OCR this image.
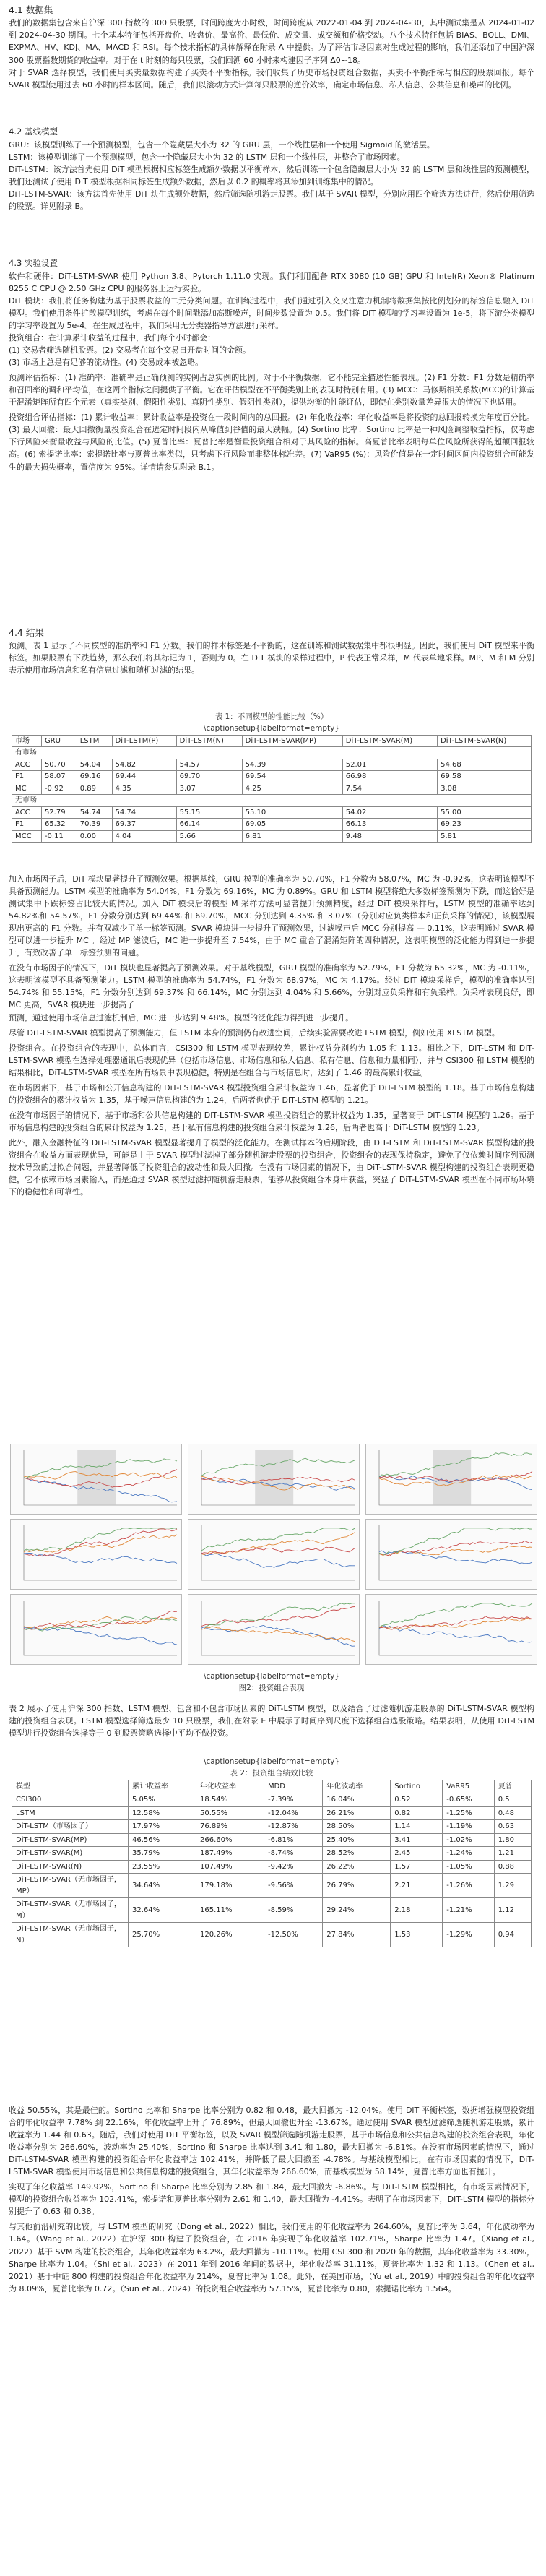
4.1 数据集

我们的数据集包含来自沪深 300 指数的 300 只股票，时间跨度为小时级，时间跨度从 2022-01-04 到 2024-04-30，其中测试集是从 2024-01-02 到 2024-04-30 期间。七个基本特征包括开盘价、收盘价、最高价、最低价、成交量、成交额和价格变动。八个技术特征包括 BIAS、BOLL、DMI、EXPMA、HV、KDJ、MA、MACD 和 RSI。每个技术指标的具体解释在附录 A 中提供。为了评估市场因素对生成过程的影响，我们还添加了中国沪深 300 股票指数期货的收益率。对于在 t 时刻的每只股票，我们回溯 60 小时来构建因子序列 Δ0~18。

对于 SVAR 选择模型，我们使用买卖量数据构建了买卖不平衡指标。我们收集了历史市场投资组合数据，买卖不平衡指标与相应的股票回报。每个 SVAR 模型使用过去 60 小时的样本区间。随后，我们以滚动方式计算每只股票的逆价效率，确定市场信息、私人信息、公共信息和噪声的比例。

4.2 基线模型

GRU：该模型训练了一个预测模型，包含一个隐藏层大小为 32 的 GRU 层，一个线性层和一个使用 Sigmoid 的激活层。

LSTM：该模型训练了一个预测模型，包含一个隐藏层大小为 32 的 LSTM 层和一个线性层，并整合了市场因素。

DiT-LSTM：该方法首先使用 DiT 模型根据相应标签生成额外数据以平衡样本，然后训练一个包含隐藏层大小为 32 的 LSTM 层和线性层的预测模型，我们还测试了使用 DiT 模型根据相同标签生成额外数据，然后以 0.2 的概率将其添加到训练集中的情况。

DiT-LSTM-SVAR：该方法首先使用 DiT 块生成额外数据，然后筛选随机游走股票。我们基于 SVAR 模型，分别应用四个筛选方法进行，然后使用筛选的股票。详见附录 B。

4.3 实验设置

软件和硬件：DiT-LSTM-SVAR 使用 Python 3.8、Pytorch 1.11.0 实现。我们利用配备 RTX 3080 (10 GB) GPU 和 Intel(R) Xeon® Platinum 8255 C CPU @ 2.50 GHz CPU 的服务器上运行实验。

DiT 模块：我们将任务构建为基于股票收益的二元分类问题。在训练过程中，我们通过引入交叉注意力机制将数据集按比例划分的标签信息融入 DiT 模型。我们使用条件扩散模型训练，考虑在每个时间戳添加高斯噪声，时间步数设置为 0.5。我们将 DiT 模型的学习率设置为 1e-5，将下游分类模型的学习率设置为 5e-4。在生成过程中，我们采用无分类器指导方法进行采样。

投资组合：在计算累计收益的过程中，我们每个小时都会：

(1) 交易者筛选随机股票。(2) 交易者在每个交易日开盘时间的金额。

(3) 市场上总是有足够的流动性。(4) 交易成本被忽略。

预测评估指标：(1) 准确率：准确率是正确预测的实例占总实例的比例。对于不平衡数据，它不能完全描述性能表现。(2) F1 分数：F1 分数是精确率和召回率的调和平均值，在这两个指标之间提供了平衡。它在评估模型在不平衡类别上的表现时特别有用。(3) MCC：马修斯相关系数(MCC)的计算基于混淆矩阵所有四个元素（真实类别、假阳性类别、真阴性类别、假阴性类别），提供均衡的性能评估，即使在类别数量差异很大的情况下也适用。

投资组合评估指标：(1) 累计收益率：累计收益率是投资在一段时间内的总回报。(2) 年化收益率：年化收益率是将投资的总回报转换为年度百分比。(3) 最大回撤：最大回撤衡量投资组合在选定时间段内从峰值到谷值的最大跌幅。(4) Sortino 比率：Sortino 比率是一种风险调整收益指标，仅考虑下行风险来衡量收益与风险的比值。(5) 夏普比率：夏普比率是衡量投资组合相对于其风险的指标。高夏普比率表明每单位风险所获得的超额回报较高。(6) 索提诺比率：索提诺比率与夏普比率类似，只考虑下行风险而非整体标准差。(7) VaR95 (%)：风险价值是在一定时间区间内投资组合可能发生的最大损失概率，置信度为 95%。详情请参见附录 B.1。

4.4 结果

预测。表 1 显示了不同模型的准确率和 F1 分数。我们的样本标签是不平衡的，这在训练和测试数据集中都很明显。因此，我们使用 DiT 模型来平衡标签。如果股票有下跌趋势，那么我们将其标记为 1，否则为 0。在 DiT 模块的采样过程中，P 代表正常采样，M 代表单地采样。MP、M 和 M 分别表示使用市场信息和私有信息过滤和随机过滤的结果。

表 1：不同模型的性能比较（%）
\captionsetup{labelformat=empty}
市场	GRU	LSTM	DiT-LSTM(P)	DiT-LSTM(N)	DiT-LSTM-SVAR(MP)	DiT-LSTM-SVAR(M)	DiT-LSTM-SVAR(N)
有市场							
ACC	50.70	54.04	54.82	54.57	54.39	52.01	54.68
F1	58.07	69.16	69.44	69.70	69.54	66.98	69.58
MC	-0.92	0.89	4.35	3.07	4.25	7.54	3.08
无市场							
ACC	52.79	54.74	54.74	55.15	55.10	54.02	55.00
F1	65.32	70.39	69.37	66.14	69.05	66.13	69.23
MCC	-0.11	0.00	4.04	5.66	6.81	9.48	5.81

加入市场因子后，DiT 模块显著提升了预测效果。根据基线，GRU 模型的准确率为 50.70%，F1 分数为 58.07%，MC 为 -0.92%，这表明该模型不具备预测能力。LSTM 模型的准确率为 54.04%，F1 分数为 69.16%，MC 为 0.89%。GRU 和 LSTM 模型将绝大多数标签预测为下跌，而这恰好是测试集中下跌标签占比较大的情况。加入 DiT 模块后的模型 M 采样方法可显著提升预测精度，经过 DiT 模块采样后，LSTM 模型的准确率达到 54.82%和 54.57%，F1 分数分别达到 69.44% 和 69.70%，MCC 分别达到 4.35% 和 3.07%（分别对应负类样本和正负采样的情况），该模型展现出更高的 F1 分数。并有双减少了单一标签预测。SVAR 模块进一步提升了预测效果，过滤噪声后 MCC 分别提高 — 0.11%，这表明通过 SVAR 模型可以进一步提升 MC 。经过 MP 滤波后，MC 进一步提升至 7.54%，由于 MC 重合了混淆矩阵的四种情况，这表明模型的泛化能力得到进一步提升，有效改善了单一标签预测的问题。

在没有市场因子的情况下，DiT 模块也显著提高了预测效果。对于基线模型，GRU 模型的准确率为 52.79%，F1 分数为 65.32%，MC 为 -0.11%，这表明该模型不具备预测能力。LSTM 模型的准确率为 54.74%，F1 分数为 68.97%，MC 为 4.17%。经过 DiT 模块采样后，模型的准确率达到 54.74% 和 55.15%，F1 分数分别达到 69.37% 和 66.14%，MC 分别达到 4.04% 和 5.66%，分别对应负采样和有负采样。负采样表现良好，即 MC 更高，SVAR 模块进一步提高了

预测，通过使用市场信息过滤机制后，MC 进一步达到 9.48%。模型的泛化能力得到进一步提升。

尽管 DiT-LSTM-SVAR 模型提高了预测能力，但 LSTM 本身的预测仍有改进空间，后续实验需要改进 LSTM 模型，例如使用 XLSTM 模型。

投资组合。在投资组合的表现中，总体而言，CSI300 和 LSTM 模型表现较差，累计权益分别约为 1.05 和 1.13。相比之下，DiT-LSTM 和 DiT-LSTM-SVAR 模型在选择处理器通讯后表现优异（包括市场信息、市场信息和私人信息、私有信息、信息和力量相同），并与 CSI300 和 LSTM 模型的结果相比，DiT-LSTM-SVAR 模型在所有场景中表现稳健，特别是在组合与市场信息时，达到了 1.46 的最高累计权益。

在市场因素下，基于市场和公开信息构建的 DiT-LSTM-SVAR 模型投资组合累计权益为 1.46，显著优于 DiT-LSTM 模型的 1.18。基于市场信息构建的投资组合的累计权益为 1.35，基于噪声信息构建的为 1.24，后两者也优于 DiT-LSTM 模型的 1.21。

在没有市场因子的情况下，基于市场和公共信息构建的 DiT-LSTM-SVAR 模型投资组合的累计权益为 1.35，显著高于 DiT-LSTM 模型的 1.26。基于市场信息构建的投资组合的累计权益为 1.25，基于私有信息构建的投资组合累计权益为 1.26，后两者也高于 DiT-LSTM 模型的 1.23。

此外，融入金融特征的 DiT-LSTM-SVAR 模型显著提升了模型的泛化能力。在测试样本的后期阶段，由 DiT-LSTM 和 DiT-LSTM-SVAR 模型构建的投资组合在收益方面表现优异，可能是由于 SVAR 模型过滤掉了部分随机游走股票的投资组合，投资组合的表现保持稳定，避免了仅依赖时间序列预测技术导致的过拟合问题，并显著降低了投资组合的波动性和最大回撤。在没有市场因素的情况下，由 DiT-LSTM-SVAR 模型构建的投资组合表现更稳健，它不依赖市场因素输入，而是通过 SVAR 模型过滤掉随机游走股票，能够从投资组合本身中获益，突显了 DiT-LSTM-SVAR 模型在不同市场环境下的稳健性和可靠性。

\captionsetup{labelformat=empty}
图2：投资组合表现

表 2 展示了使用沪深 300 指数、LSTM 模型、包含和不包含市场因素的 DiT-LSTM 模型，以及结合了过滤随机游走股票的 DiT-LSTM-SVAR 模型构建的投资组合表现。LSTM 模型选择筛选最少 10 只股票，我们在附录 E 中展示了时间序列尺度下选择组合选股策略。结果表明，从使用 DiT-LSTM 模型进行投资组合选择等于 0 到股票策略选择中平均不做投资。

\captionsetup{labelformat=empty}
表 2：投资组合绩效比较
模型	累计收益率	年化收益率	MDD	年化波动率	Sortino	VaR95	夏普
CSI300	5.05%	18.54%	-7.39%	16.04%	0.52	-0.65%	0.5
LSTM	12.58%	50.55%	-12.04%	26.21%	0.82	-1.25%	0.48
DiT-LSTM（市场因子）	17.97%	76.89%	-12.87%	28.50%	1.14	-1.19%	0.63
DiT-LSTM-SVAR(MP)	46.56%	266.60%	-6.81%	25.40%	3.41	-1.02%	1.80
DiT-LSTM-SVAR(M)	35.79%	187.49%	-8.74%	28.52%	2.45	-1.24%	1.21
DiT-LSTM-SVAR(N)	23.55%	107.49%	-9.42%	26.22%	1.57	-1.05%	0.88
DiT-LSTM-SVAR（无市场因子，MP）	34.64%	179.18%	-9.56%	26.79%	2.21	-1.26%	1.29
DiT-LSTM-SVAR（无市场因子，M）	32.64%	165.11%	-8.59%	29.24%	2.18	-1.21%	1.12
DiT-LSTM-SVAR（无市场因子，N）	25.70%	120.26%	-12.50%	27.84%	1.53	-1.29%	0.94

收益 50.55%，其是最佳的。Sortino 比率和 Sharpe 比率分别为 0.82 和 0.48，最大回撤为 -12.04%。使用 DiT 平衡标签，数据增强模型投资组合的年化收益率 7.78% 到 22.16%，年化收益率上升了 76.89%，但最大回撤也升至 -13.67%。通过使用 SVAR 模型过滤筛选随机游走股票，累计收益率为 1.44 和 0.63。随后，我们对使用 DiT 平衡标签，以及 SVAR 模型筛选随机游走股票，基于市场信息和公共信息构建的投资组合表现，年化收益率分别为 266.60%，波动率为 25.40%，Sortino 和 Sharpe 比率达到 3.41 和 1.80，最大回撤为 -6.81%。在没有市场因素的情况下，通过 DiT-LSTM-SVAR 模型构建的投资组合年化收益率达 102.41%，并降低了最大回撤至 -4.78%。与基线模型相比，在有市场因素的情况下，DiT-LSTM-SVAR 模型使用市场信息和公共信息构建的投资组合，其年化收益率为 266.60%，而基线模型为 58.14%，夏普比率方面也有提升。

实现了年化收益率 149.92%，Sortino 和 Sharpe 比率分别为 2.85 和 1.84，最大回撤为 -6.86%。与 DiT-LSTM 模型相比，有市场因素情况下，模型的投资组合收益率为 102.41%，索提诺和夏普比率分别为 2.61 和 1.40，最大回撤为 -4.41%。表明了在市场因素下，DiT-LSTM 模型的指标分别提升了 0.63 和 0.38。

与其他前沿研究的比较。与 LSTM 模型的研究（Dong et al., 2022）相比，我们使用的年化收益率为 264.60%，夏普比率为 3.64，年化波动率为 1.64。（Wang et al., 2022）在沪深 300 构建了投资组合，在 2016 年实现了年化收益率 102.71%，Sharpe 比率为 1.47。（Xiang et al., 2022）基于 SVM 构建的投资组合，其年化收益率为 63.2%，最大回撤为 -10.11%。使用 CSI 300 和 2020 年的数据，其年化收益率为 33.30%，Sharpe 比率为 1.04。（Shi et al., 2023）在 2011 年到 2016 年间的数据中，年化收益率 31.11%，夏普比率为 1.32 和 1.13。（Chen et al., 2021）基于中证 800 构建的投资组合年化收益率为 214%，夏普比率为 1.08。此外，在美国市场，（Yu et al., 2019）中的投资组合的年化收益率为 8.09%，夏普比率为 0.72。（Sun et al., 2024）的投资组合收益率为 57.15%，夏普比率为 0.80，索提诺比率为 1.564。
